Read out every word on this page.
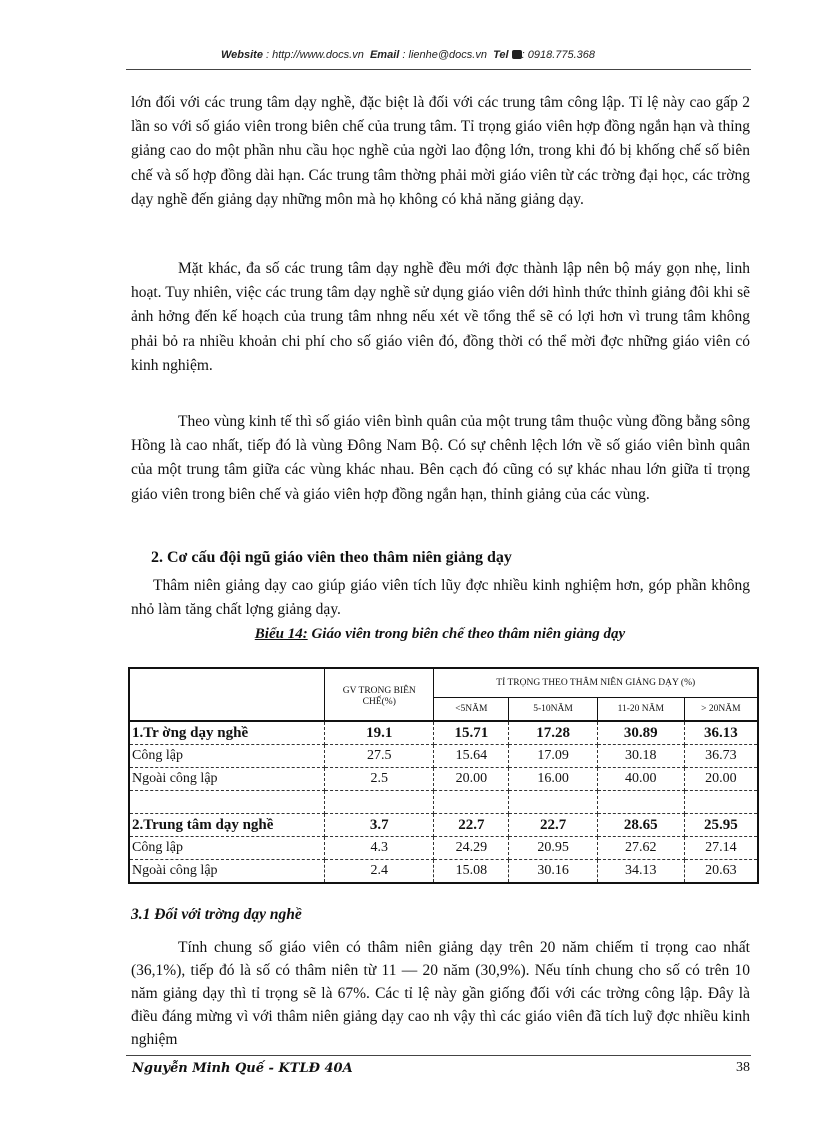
Website : http://www.docs.vn Email : lienhe@docs.vn Tel : 0918.775.368
lớn đối với các trung tâm dạy nghề, đặc biệt là đối với các trung tâm công lập. Tỉ lệ này cao gấp 2 lần so với số giáo viên trong biên chế của trung tâm. Tỉ trọng giáo viên hợp đồng ngắn hạn và thỉng giảng cao do một phần nhu cầu học nghề của ngời lao động lớn, trong khi đó bị khống chế số biên chế và số hợp đồng dài hạn. Các trung tâm thờng phải mời giáo viên từ các trờng đại học, các trờng dạy nghề đến giảng dạy những môn mà họ không có khả năng giảng dạy.
Mặt khác, đa số các trung tâm dạy nghề đều mới đợc thành lập nên bộ máy gọn nhẹ, linh hoạt. Tuy nhiên, việc các trung tâm dạy nghề sử dụng giáo viên dới hình thức thỉnh giảng đôi khi sẽ ảnh hởng đến kế hoạch của trung tâm nhng nếu xét về tổng thể sẽ có lợi hơn vì trung tâm không phải bỏ ra nhiều khoản chi phí cho số giáo viên đó, đồng thời có thể mời đợc những giáo viên có kinh nghiệm.
Theo vùng kinh tế thì số giáo viên bình quân của một trung tâm thuộc vùng đồng bằng sông Hồng là cao nhất, tiếp đó là vùng Đông Nam Bộ. Có sự chênh lệch lớn về số giáo viên bình quân của một trung tâm giữa các vùng khác nhau. Bên cạch đó cũng có sự khác nhau lớn giữa tỉ trọng giáo viên trong biên chế và giáo viên hợp đồng ngắn hạn, thỉnh giảng của các vùng.
2. Cơ cấu đội ngũ giáo viên theo thâm niên giảng dạy
Thâm niên giảng dạy cao giúp giáo viên tích lũy đợc nhiều kinh nghiệm hơn, góp phần không nhỏ làm tăng chất lợng giảng dạy.
Biểu 14: Giáo viên trong biên chế theo thâm niên giảng dạy
	GV TRONG BIÊN CHẾ(%)	TỈ TRỌNG THEO THÂM NIÊN GIẢNG DẠY (%)			
		<5NĂM	5-10NĂM	11-20 NĂM	> 20NĂM
1.Tr ờng dạy nghề	19.1	15.71	17.28	30.89	36.13
Công lập	27.5	15.64	17.09	30.18	36.73
Ngoài công lập	2.5	20.00	16.00	40.00	20.00

2.Trung tâm dạy nghề	3.7	22.7	22.7	28.65	25.95
Công lập	4.3	24.29	20.95	27.62	27.14
Ngoài công lập	2.4	15.08	30.16	34.13	20.63
3.1 Đối với trờng dạy nghề
Tính chung số giáo viên có thâm niên giảng dạy trên 20 năm chiếm tỉ trọng cao nhất (36,1%), tiếp đó là số có thâm niên từ 11 — 20 năm (30,9%). Nếu tính chung cho số có trên 10 năm giảng dạy thì tỉ trọng sẽ là 67%. Các tỉ lệ này gần giống đối với các trờng công lập. Đây là điều đáng mừng vì với thâm niên giảng dạy cao nh vậy thì các giáo viên đã tích luỹ đợc nhiều kinh nghiệm
Nguyễn Minh Quế - KTLĐ 40A	38
